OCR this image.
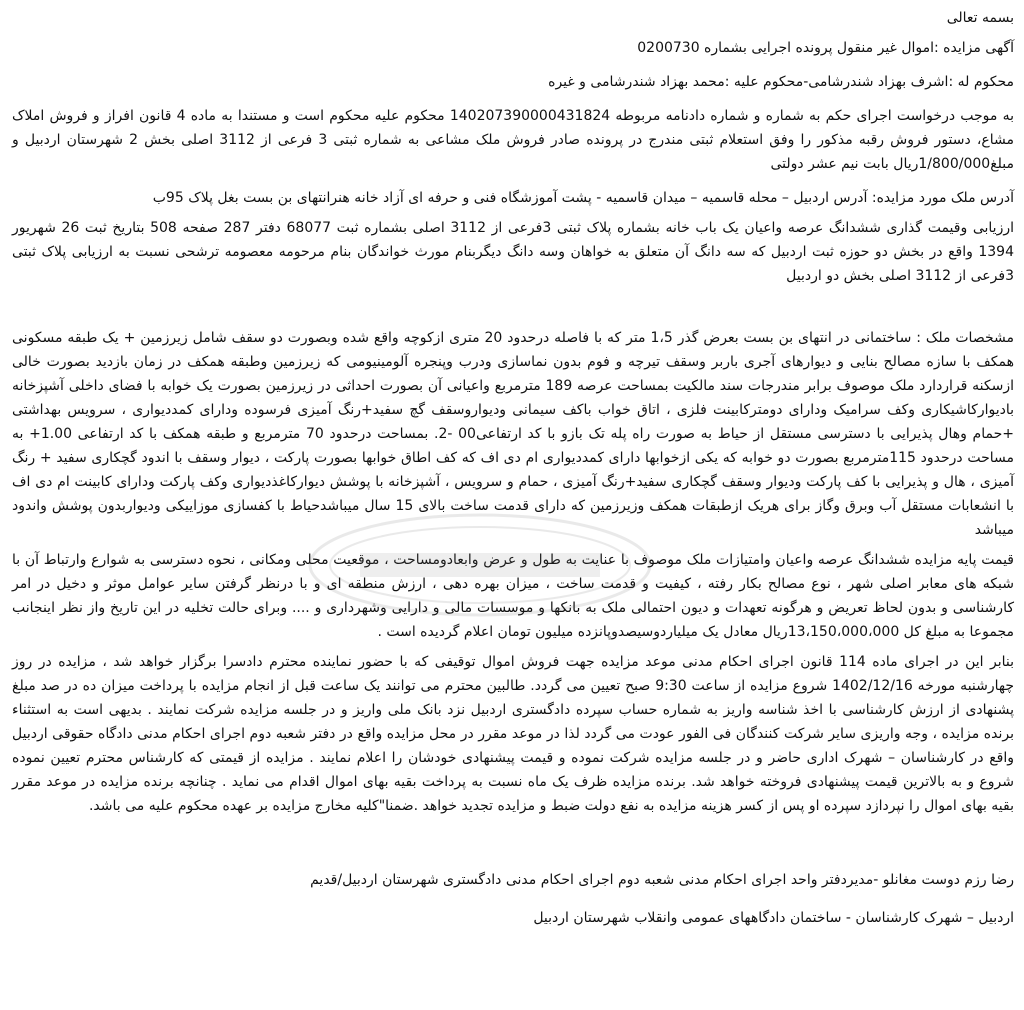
بسمه تعالی

آگهی مزایده :اموال غیر منقول پرونده اجرایی بشماره 0200730

محکوم له :اشرف بهزاد شندرشامی-محکوم علیه :محمد بهزاد شندرشامی و غیره

به موجب درخواست اجرای حکم به شماره و شماره دادنامه مربوطه 140207390000431824 محکوم علیه محکوم است و مستندا به ماده 4 قانون افراز و فروش املاک مشاع، دستور فروش رقبه مذکور را وفق استعلام ثبتی مندرج در پرونده صادر فروش ملک مشاعی به شماره ثبتی 3 فرعی از 3112 اصلی بخش 2 شهرستان اردبیل و مبلغ1/800/000ریال بابت نیم عشر دولتی

آدرس ملک مورد مزایده: آدرس اردبیل – محله قاسمیه – میدان قاسمیه - پشت آموزشگاه فنی و حرفه ای آزاد خانه هنرانتهای بن بست بغل پلاک 95ب

ارزیابی وقیمت گذاری ششدانگ عرصه واعیان یک باب خانه بشماره پلاک ثبتی 3فرعی از 3112 اصلی بشماره ثبت 68077 دفتر 287 صفحه 508 بتاریخ ثبت 26 شهریور 1394 واقع در بخش دو حوزه ثبت اردبیل که سه دانگ آن متعلق به خواهان وسه دانگ دیگربنام مورث خواندگان بنام مرحومه معصومه ترشحی نسبت به ارزیابی پلاک ثبتی 3فرعی از 3112 اصلی بخش دو اردبیل

مشخصات ملک : ساختمانی در انتهای بن بست بعرض گذر 1،5 متر که با فاصله درحدود 20 متری ازکوچه واقع شده وبصورت دو سقف شامل زیرزمین + یک طبقه مسکونی همکف با سازه مصالح بنایی و دیوارهای آجری باربر وسقف تیرچه و فوم بدون نماسازی ودرب وپنجره آلومینیومی که زیرزمین وطبقه همکف در زمان بازدید بصورت خالی ازسکنه قراردارد ملک موصوف برابر مندرجات سند مالکیت بمساحت عرصه 189 مترمربع واعیانی آن بصورت احداثی در زیرزمین بصورت یک خوابه با فضای داخلی آشپزخانه بادیوارکاشیکاری وکف سرامیک ودارای دومترکابینت فلزی ، اتاق خواب باکف سیمانی ودیواروسقف گچ سفید+رنگ آمیزی فرسوده ودارای کمددیواری ، سرویس بهداشتی +حمام وهال پذیرایی با دسترسی مستقل از حیاط به صورت راه پله تک بازو با کد ارتفاعی00 -2. بمساحت درحدود 70 مترمربع و طبقه همکف با کد ارتفاعی 1.00+ به مساحت درحدود 115مترمربع بصورت دو خوابه که یکی ازخوابها دارای کمددیواری ام دی اف که کف اطاق خوابها بصورت پارکت ، دیوار وسقف با اندود گچکاری سفید + رنگ آمیزی ، هال و پذیرایی با کف پارکت ودیوار وسقف گچکاری سفید+رنگ آمیزی ، حمام و سرویس ، آشپزخانه با پوشش دیوارکاغذدیواری وکف پارکت ودارای کابینت ام دی اف با انشعابات مستقل آب وبرق وگاز برای هریک ازطبقات همکف وزیرزمین که دارای قدمت ساخت بالای 15 سال میباشدحیاط با کفسازی موزاییکی ودیواربدون پوشش واندود میباشد

قیمت پایه مزایده ششدانگ عرصه واعیان وامتیازات ملک موصوف با عنایت به طول و عرض وابعادومساحت ، موقعیت محلی ومکانی ، نحوه دسترسی به شوارع وارتباط آن با شبکه های معابر اصلی شهر ، نوع مصالح بکار رفته ، کیفیت و قدمت ساخت ، میزان بهره دهی ، ارزش منطقه ای و با درنظر گرفتن سایر عوامل موثر و دخیل در امر کارشناسی و بدون لحاظ تعریض و هرگونه تعهدات و دیون احتمالی ملک به بانکها و موسسات مالی و دارایی وشهرداری و .... وبرای حالت تخلیه در این تاریخ واز نظر اینجانب مجموعا به مبلغ کل 13،150،000،000ریال معادل یک میلیاردوسیصدوپانزده میلیون تومان اعلام گردیده است .

بنابر این در اجرای ماده 114 قانون اجرای احکام مدنی موعد مزایده جهت فروش اموال توقیفی که با حضور نماینده محترم دادسرا برگزار خواهد شد ، مزایده در روز چهارشنبه مورخه 1402/12/16 شروع مزایده از ساعت 9:30 صبح تعیین می گردد. طالبین محترم می توانند یک ساعت قبل از انجام مزایده با پرداخت میزان ده در صد مبلغ پشنهادی از ارزش کارشناسی با اخذ شناسه واریز به شماره حساب سپرده دادگستری اردبیل نزد بانک ملی واریز و در جلسه مزایده شرکت نمایند . بدیهی است به استثناء برنده مزایده ، وجه واریزی سایر شرکت کنندگان فی الفور عودت می گردد لذا در موعد مقرر در محل مزایده واقع در دفتر شعبه دوم اجرای احکام مدنی دادگاه حقوقی اردبیل واقع در کارشناسان – شهرک اداری حاضر و در جلسه مزایده شرکت نموده و قیمت پیشنهادی خودشان را اعلام نمایند . مزایده از قیمتی که کارشناس محترم تعیین نموده شروع و به بالاترین قیمت پیشنهادی فروخته خواهد شد. برنده مزایده ظرف یک ماه نسبت به پرداخت بقیه بهای اموال اقدام می نماید . چنانچه برنده مزایده در موعد مقرر بقیه بهای اموال را نپردازد سپرده او پس از کسر هزینه مزایده به نفع دولت ضبط و مزایده تجدید خواهد .ضمنا"کلیه مخارج مزایده بر عهده محکوم علیه می باشد.

رضا رزم دوست مغانلو -مدیردفتر واحد اجرای احکام مدنی شعبه دوم اجرای احکام مدنی دادگستری شهرستان اردبیل/قدیم

اردبیل – شهرک کارشناسان - ساختمان دادگاههای عمومی وانقلاب شهرستان اردبیل
